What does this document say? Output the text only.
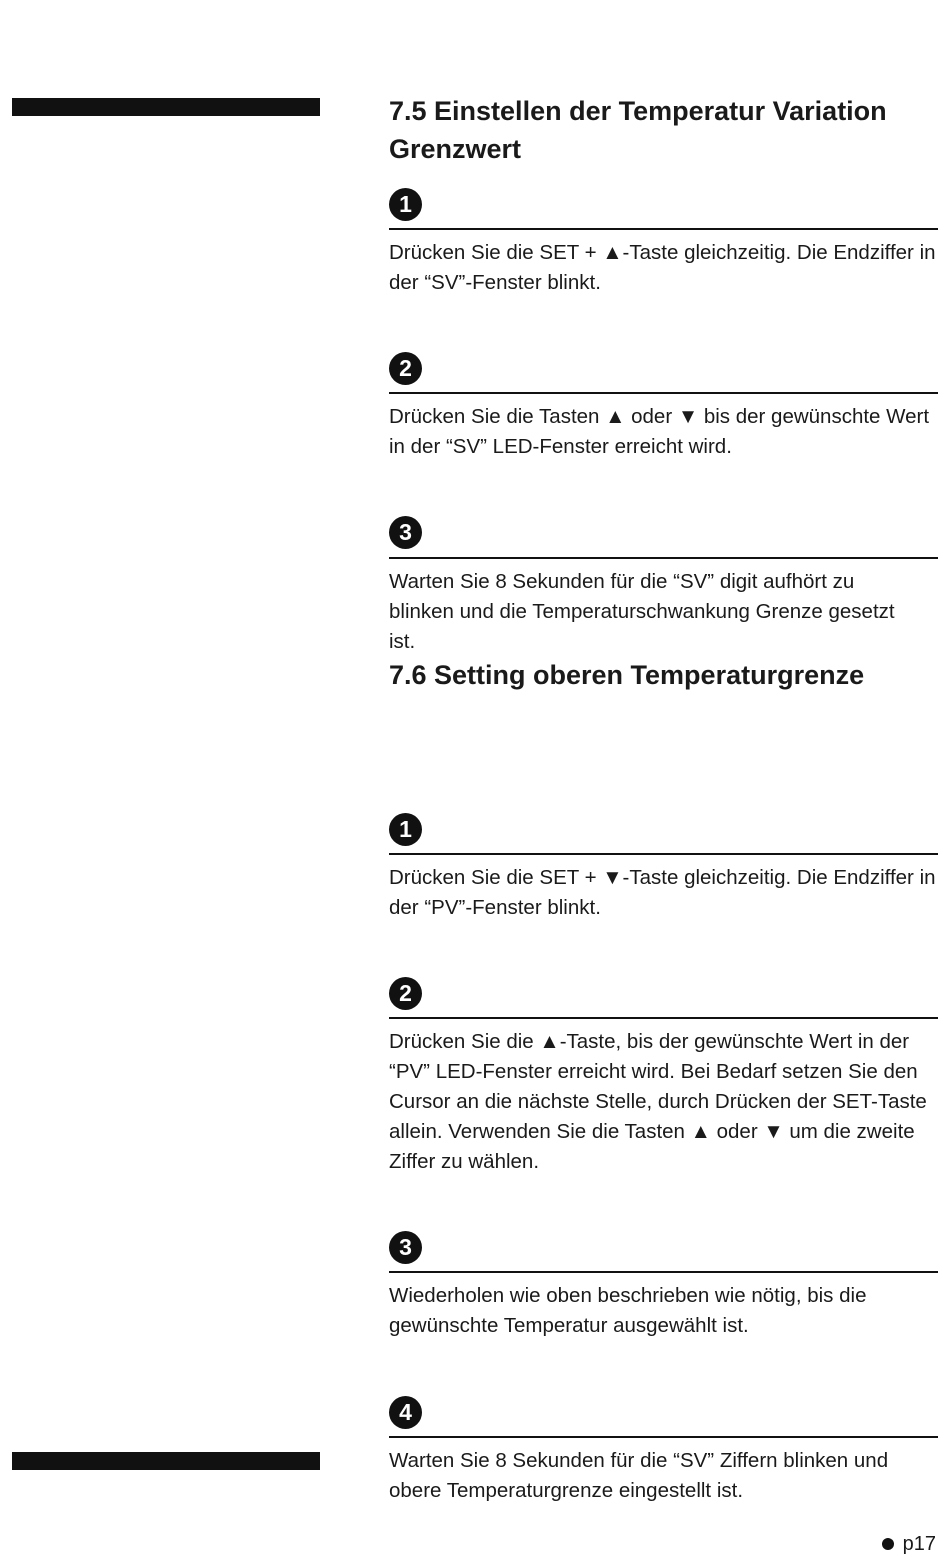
7.5 Einstellen der Temperatur Variation
Grenzwert
1

Drücken Sie die SET + ▲-Taste gleichzeitig. Die Endziffer in der “SV”-Fenster blinkt.

2

Drücken Sie die Tasten ▲ oder ▼ bis der gewünschte Wert in der “SV” LED-Fenster erreicht wird.

3

Warten Sie 8 Sekunden für die “SV” digit aufhört zu blinken und die Temperaturschwankung Grenze gesetzt ist.

7.6 Setting oberen Temperaturgrenze
1

Drücken Sie die SET + ▼-Taste gleichzeitig. Die Endziffer in der “PV”-Fenster blinkt.

2

Drücken Sie die ▲-Taste, bis der gewünschte Wert in der “PV” LED-Fenster erreicht wird. Bei Bedarf setzen Sie den Cursor an die nächste Stelle, durch Drücken der SET-Taste allein. Verwenden Sie die Tasten ▲ oder ▼ um die zweite Ziffer zu wählen.

3

Wiederholen wie oben beschrieben wie nötig, bis die gewünschte Temperatur ausgewählt ist.

4

Warten Sie 8 Sekunden für die “SV” Ziffern blinken und obere Temperaturgrenze eingestellt ist.

p17
